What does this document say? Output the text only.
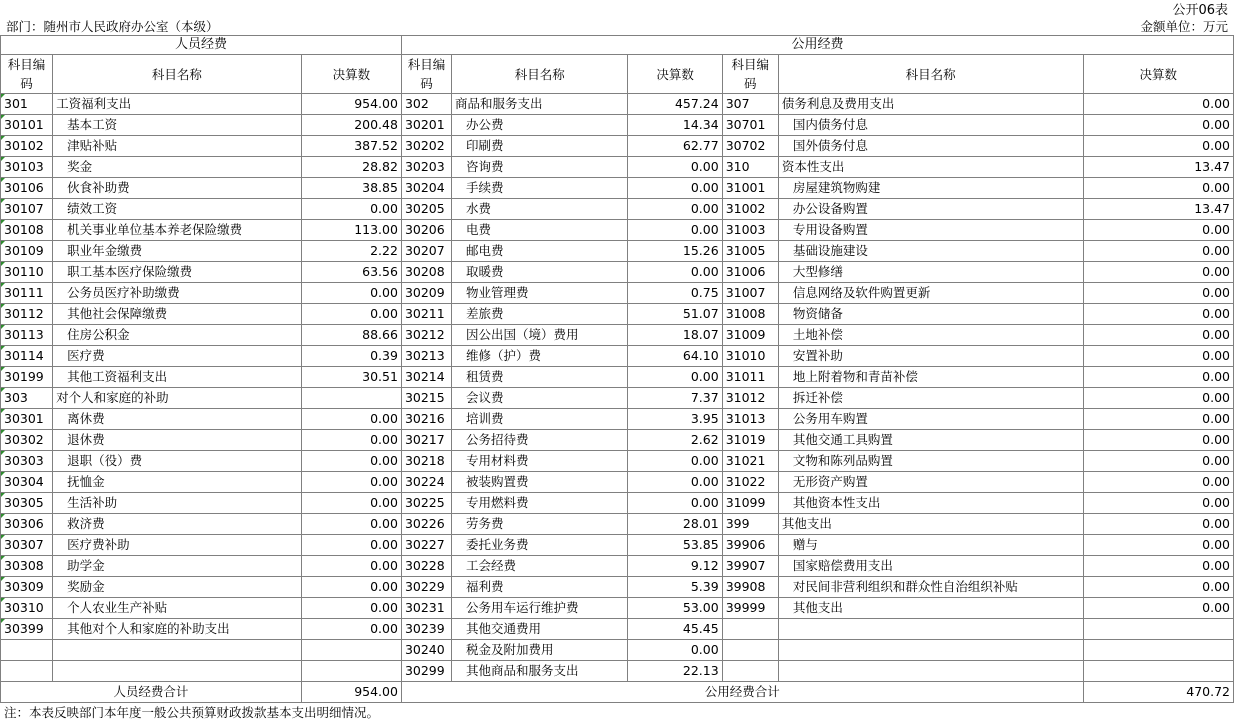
公开06表
部门：随州市人民政府办公室（本级）	金额单位：万元
人员经费			公用经费					
科目编码	科目名称	决算数	科目编码	科目名称	决算数	科目编码	科目名称	决算数
301	工资福利支出	954.00	302	商品和服务支出	457.24	307	债务利息及费用支出	0.00
30101	基本工资	200.48	30201	办公费	14.34	30701	国内债务付息	0.00
30102	津贴补贴	387.52	30202	印刷费	62.77	30702	国外债务付息	0.00
30103	奖金	28.82	30203	咨询费	0.00	310	资本性支出	13.47
30106	伙食补助费	38.85	30204	手续费	0.00	31001	房屋建筑物购建	0.00
30107	绩效工资	0.00	30205	水费	0.00	31002	办公设备购置	13.47
30108	机关事业单位基本养老保险缴费	113.00	30206	电费	0.00	31003	专用设备购置	0.00
30109	职业年金缴费	2.22	30207	邮电费	15.26	31005	基础设施建设	0.00
30110	职工基本医疗保险缴费	63.56	30208	取暖费	0.00	31006	大型修缮	0.00
30111	公务员医疗补助缴费	0.00	30209	物业管理费	0.75	31007	信息网络及软件购置更新	0.00
30112	其他社会保障缴费	0.00	30211	差旅费	51.07	31008	物资储备	0.00
30113	住房公积金	88.66	30212	因公出国（境）费用	18.07	31009	土地补偿	0.00
30114	医疗费	0.39	30213	维修（护）费	64.10	31010	安置补助	0.00
30199	其他工资福利支出	30.51	30214	租赁费	0.00	31011	地上附着物和青苗补偿	0.00
303	对个人和家庭的补助		30215	会议费	7.37	31012	拆迁补偿	0.00
30301	离休费	0.00	30216	培训费	3.95	31013	公务用车购置	0.00
30302	退休费	0.00	30217	公务招待费	2.62	31019	其他交通工具购置	0.00
30303	退职（役）费	0.00	30218	专用材料费	0.00	31021	文物和陈列品购置	0.00
30304	抚恤金	0.00	30224	被装购置费	0.00	31022	无形资产购置	0.00
30305	生活补助	0.00	30225	专用燃料费	0.00	31099	其他资本性支出	0.00
30306	救济费	0.00	30226	劳务费	28.01	399	其他支出	0.00
30307	医疗费补助	0.00	30227	委托业务费	53.85	39906	赠与	0.00
30308	助学金	0.00	30228	工会经费	9.12	39907	国家赔偿费用支出	0.00
30309	奖励金	0.00	30229	福利费	5.39	39908	对民间非营利组织和群众性自治组织补贴	0.00
30310	个人农业生产补贴	0.00	30231	公务用车运行维护费	53.00	39999	其他支出	0.00
30399	其他对个人和家庭的补助支出	0.00	30239	其他交通费用	45.45			
			30240	税金及附加费用	0.00			
			30299	其他商品和服务支出	22.13			
人员经费合计		954.00	公用经费合计					470.72
注：本表反映部门本年度一般公共预算财政拨款基本支出明细情况。
